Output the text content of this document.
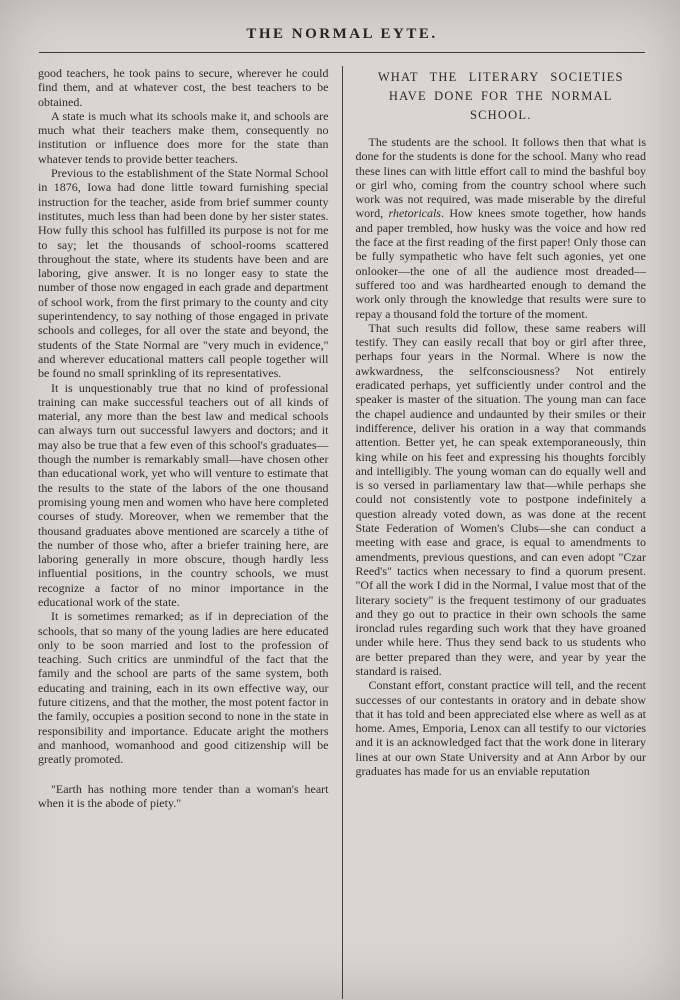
THE NORMAL EYTE.

good teachers, he took pains to secure, wherever he could find them, and at whatever cost, the best teachers to be obtained.

A state is much what its schools make it, and schools are much what their teachers make them, consequently no institution or influence does more for the state than whatever tends to provide better teachers.

Previous to the establishment of the State Normal School in 1876, Iowa had done little toward furnishing special instruction for the teacher, aside from brief summer county institutes, much less than had been done by her sister states. How fully this school has fulfilled its purpose is not for me to say; let the thousands of school-rooms scattered throughout the state, where its students have been and are laboring, give answer. It is no longer easy to state the number of those now engaged in each grade and department of school work, from the first primary to the county and city superintendency, to say nothing of those engaged in private schools and colleges, for all over the state and beyond, the students of the State Normal are "very much in evidence," and wherever educational matters call people together will be found no small sprinkling of its representatives.

It is unquestionably true that no kind of professional training can make successful teachers out of all kinds of material, any more than the best law and medical schools can always turn out successful lawyers and doctors; and it may also be true that a few even of this school's graduates—though the number is remarkably small—have chosen other than educational work, yet who will venture to estimate that the results to the state of the labors of the one thousand promising young men and women who have here completed courses of study. Moreover, when we remember that the thousand graduates above mentioned are scarcely a tithe of the number of those who, after a briefer training here, are laboring generally in more obscure, though hardly less influential positions, in the country schools, we must recognize a factor of no minor importance in the educational work of the state.

It is sometimes remarked; as if in depreciation of the schools, that so many of the young ladies are here educated only to be soon married and lost to the profession of teaching. Such critics are unmindful of the fact that the family and the school are parts of the same system, both educating and training, each in its own effective way, our future citizens, and that the mother, the most potent factor in the family, occupies a position second to none in the state in responsibility and importance. Educate aright the mothers and manhood, womanhood and good citizenship will be greatly promoted.

"Earth has nothing more tender than a woman's heart when it is the abode of piety."

WHAT THE LITERARY SOCIETIES
HAVE DONE FOR THE NORMAL
SCHOOL.

The students are the school. It follows then that what is done for the students is done for the school. Many who read these lines can with little effort call to mind the bashful boy or girl who, coming from the country school where such work was not required, was made miserable by the direful word, rhetoricals. How knees smote together, how hands and paper trembled, how husky was the voice and how red the face at the first reading of the first paper! Only those can be fully sympathetic who have felt such agonies, yet one onlooker—the one of all the audience most dreaded—suffered too and was hardhearted enough to demand the work only through the knowledge that results were sure to repay a thousand fold the torture of the moment.

That such results did follow, these same reabers will testify. They can easily recall that boy or girl after three, perhaps four years in the Normal. Where is now the awkwardness, the selfconsciousness? Not entirely eradicated perhaps, yet sufficiently under control and the speaker is master of the situation. The young man can face the chapel audience and undaunted by their smiles or their indifference, deliver his oration in a way that commands attention. Better yet, he can speak extemporaneously, thin king while on his feet and expressing his thoughts forcibly and intelligibly. The young woman can do equally well and is so versed in parliamentary law that—while perhaps she could not consistently vote to postpone indefinitely a question already voted down, as was done at the recent State Federation of Women's Clubs—she can conduct a meeting with ease and grace, is equal to amendments to amendments, previous questions, and can even adopt "Czar Reed's" tactics when necessary to find a quorum present. "Of all the work I did in the Normal, I value most that of the literary society" is the frequent testimony of our graduates and they go out to practice in their own schools the same ironclad rules regarding such work that they have groaned under while here. Thus they send back to us students who are better prepared than they were, and year by year the standard is raised.

Constant effort, constant practice will tell, and the recent successes of our contestants in oratory and in debate show that it has told and been appreciated else where as well as at home. Ames, Emporia, Lenox can all testify to our victories and it is an acknowledged fact that the work done in literary lines at our own State University and at Ann Arbor by our graduates has made for us an enviable reputation
